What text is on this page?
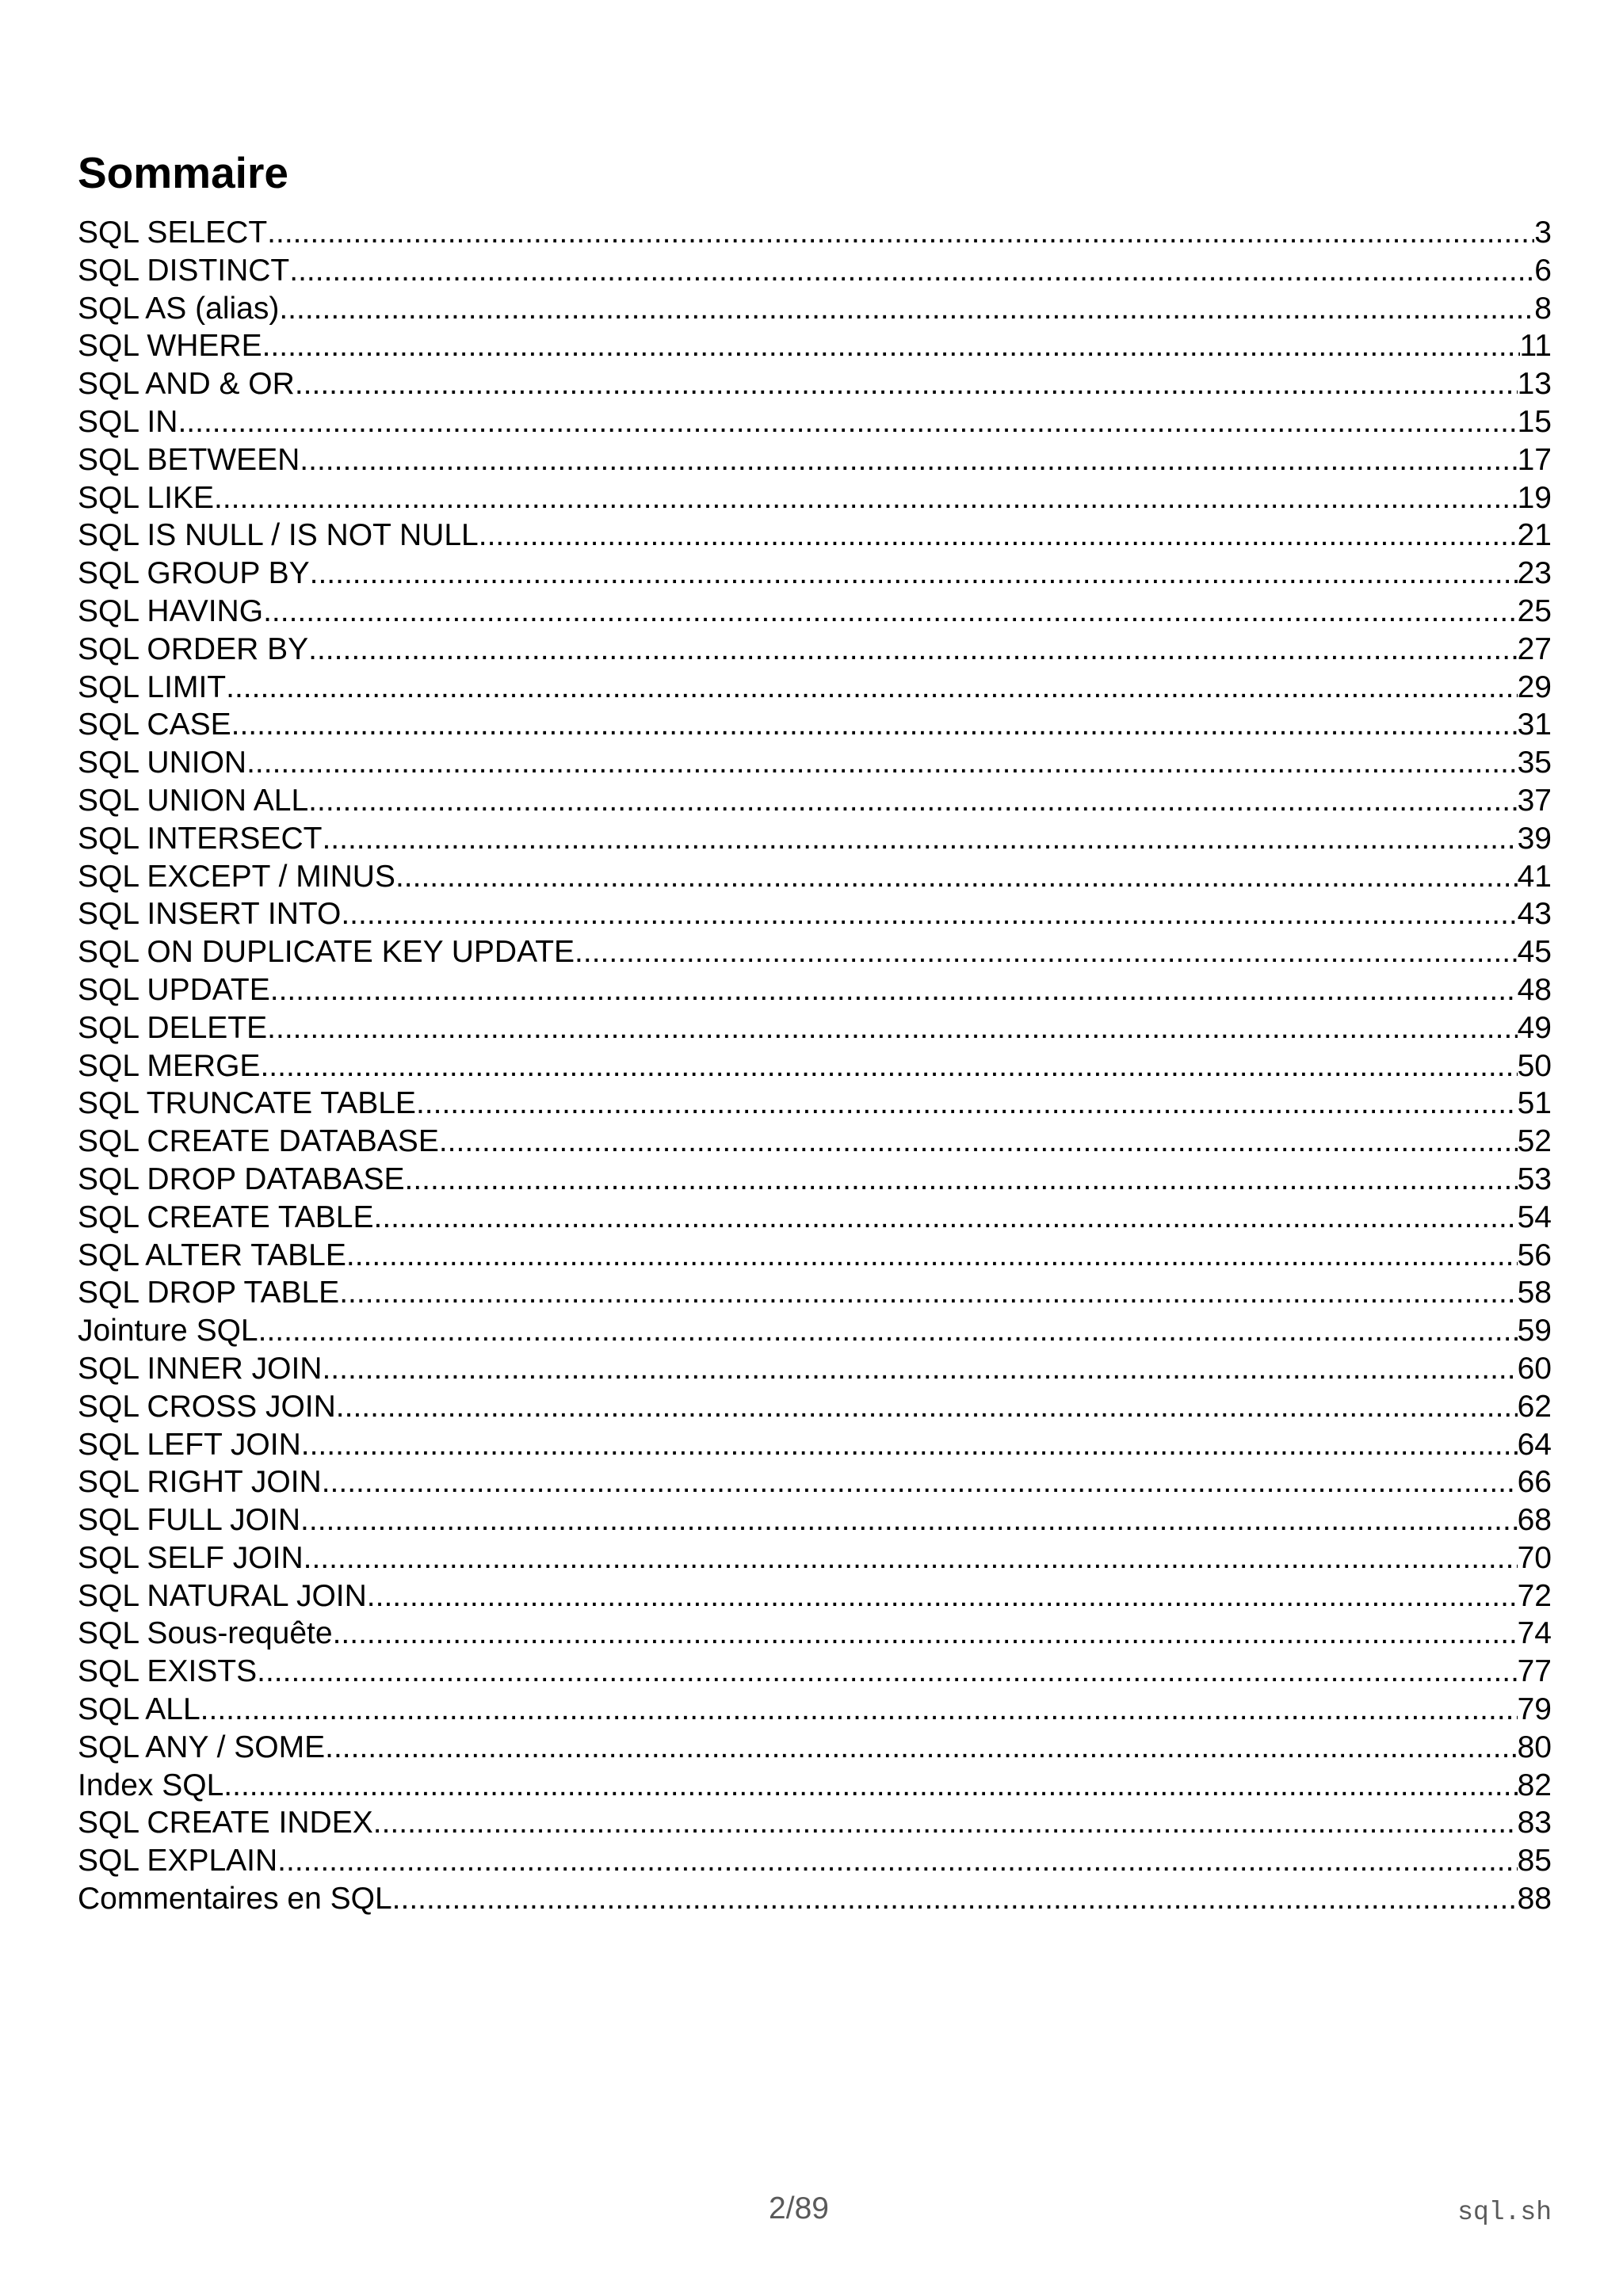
Sommaire
SQL SELECT .....	3
SQL DISTINCT .....	6
SQL AS (alias) .....	8
SQL WHERE .....	11
SQL AND & OR .....	13
SQL IN .....	15
SQL BETWEEN .....	17
SQL LIKE .....	19
SQL IS NULL / IS NOT NULL .....	21
SQL GROUP BY .....	23
SQL HAVING .....	25
SQL ORDER BY .....	27
SQL LIMIT .....	29
SQL CASE .....	31
SQL UNION .....	35
SQL UNION ALL .....	37
SQL INTERSECT .....	39
SQL EXCEPT / MINUS .....	41
SQL INSERT INTO .....	43
SQL ON DUPLICATE KEY UPDATE .....	45
SQL UPDATE .....	48
SQL DELETE .....	49
SQL MERGE .....	50
SQL TRUNCATE TABLE .....	51
SQL CREATE DATABASE .....	52
SQL DROP DATABASE .....	53
SQL CREATE TABLE .....	54
SQL ALTER TABLE .....	56
SQL DROP TABLE .....	58
Jointure SQL .....	59
SQL INNER JOIN .....	60
SQL CROSS JOIN .....	62
SQL LEFT JOIN .....	64
SQL RIGHT JOIN .....	66
SQL FULL JOIN .....	68
SQL SELF JOIN .....	70
SQL NATURAL JOIN .....	72
SQL Sous-requête .....	74
SQL EXISTS .....	77
SQL ALL .....	79
SQL ANY / SOME .....	80
Index SQL .....	82
SQL CREATE INDEX .....	83
SQL EXPLAIN .....	85
Commentaires en SQL .....	88
2/89	sql.sh
